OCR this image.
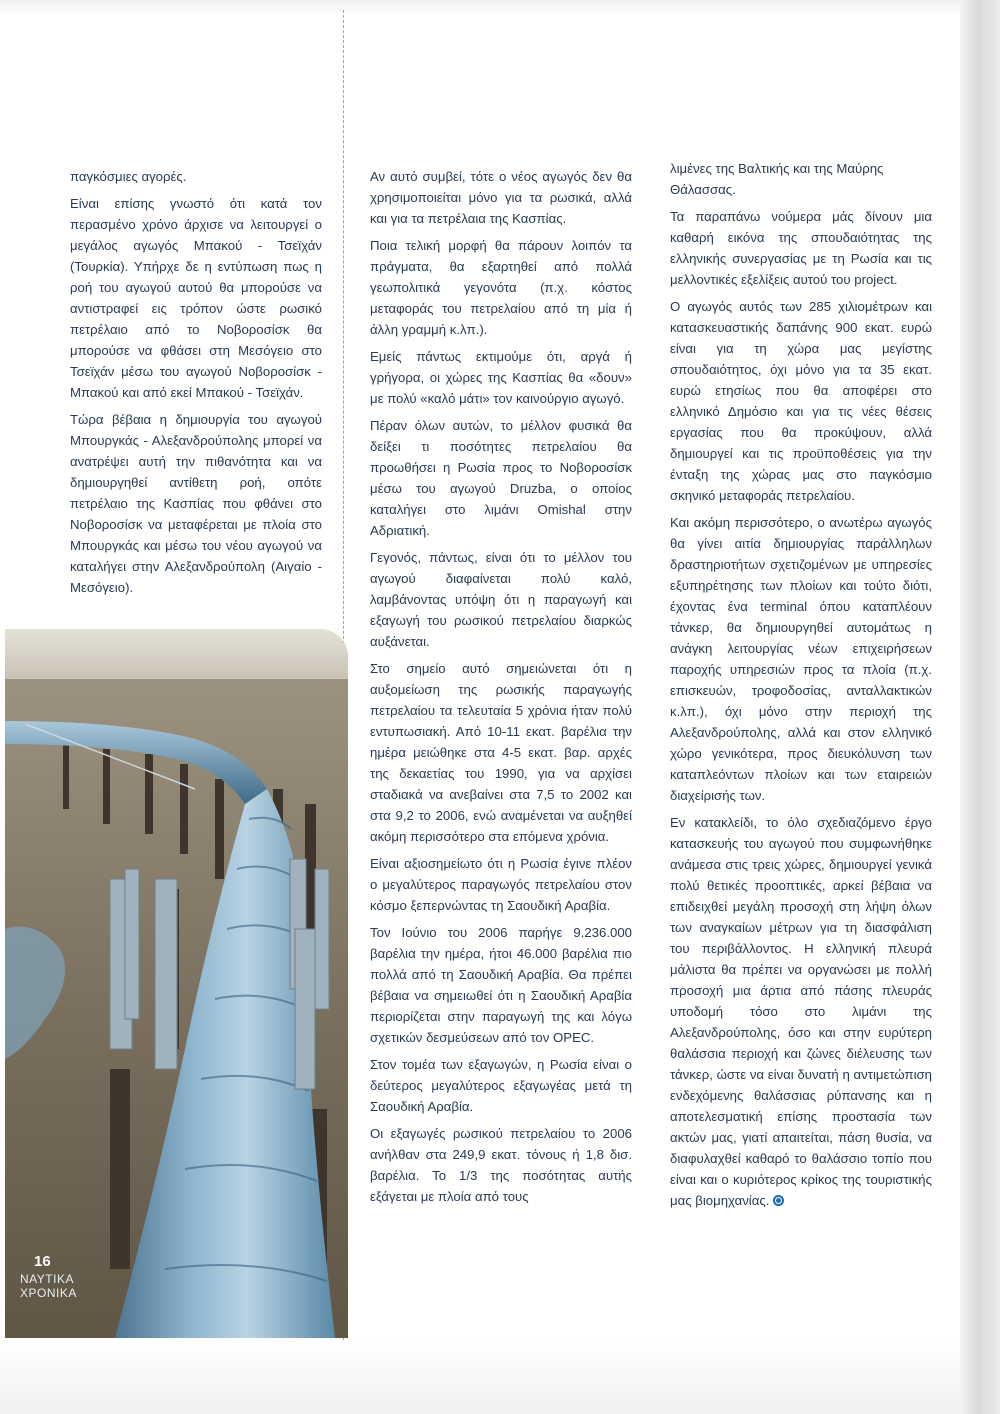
παγκόσμιες αγορές.

Είναι επίσης γνωστό ότι κατά τον περασμένο χρόνο άρχισε να λειτουργεί ο μεγάλος αγωγός Μπακού - Τσεϊχάν (Τουρκία). Υπήρχε δε η εντύπωση πως η ροή του αγωγού αυτού θα μπορούσε να αντιστραφεί εις τρόπον ώστε ρωσικό πετρέλαιο από το Νοβοροσίσκ θα μπορούσε να φθάσει στη Μεσόγειο στο Τσεϊχάν μέσω του αγωγού Νοβοροσίσκ - Μπακού και από εκεί Μπακού - Τσεϊχάν.

Τώρα βέβαια η δημιουργία του αγωγού Μπουργκάς - Αλεξανδρούπολης μπορεί να ανατρέψει αυτή την πιθανότητα και να δημιουργηθεί αντίθετη ροή, οπότε πετρέλαιο της Κασπίας που φθάνει στο Νοβοροσίσκ να μεταφέρεται με πλοία στο Μπουργκάς και μέσω του νέου αγωγού να καταλήγει στην Αλεξανδρούπολη (Αιγαίο - Μεσόγειο).

Αν αυτό συμβεί, τότε ο νέος αγωγός δεν θα χρησιμοποιείται μόνο για τα ρωσικά, αλλά και για τα πετρέλαια της Κασπίας.

Ποια τελική μορφή θα πάρουν λοιπόν τα πράγματα, θα εξαρτηθεί από πολλά γεωπολιτικά γεγονότα (π.χ. κόστος μεταφοράς του πετρελαίου από τη μία ή άλλη γραμμή κ.λπ.).

Εμείς πάντως εκτιμούμε ότι, αργά ή γρήγορα, οι χώρες της Κασπίας θα «δουν» με πολύ «καλό μάτι» τον καινούργιο αγωγό.

Πέραν όλων αυτών, το μέλλον φυσικά θα δείξει τι ποσότητες πετρελαίου θα προωθήσει η Ρωσία προς το Νοβοροσίσκ μέσω του αγωγού Druzba, ο οποίος καταλήγει στο λιμάνι Omishal στην Αδριατική.

Γεγονός, πάντως, είναι ότι το μέλλον του αγωγού διαφαίνεται πολύ καλό, λαμβάνοντας υπόψη ότι η παραγωγή και εξαγωγή του ρωσικού πετρελαίου διαρκώς αυξάνεται.

Στο σημείο αυτό σημειώνεται ότι η αυξομείωση της ρωσικής παραγωγής πετρελαίου τα τελευταία 5 χρόνια ήταν πολύ εντυπωσιακή. Από 10-11 εκατ. βαρέλια την ημέρα μειώθηκε στα 4-5 εκατ. βαρ. αρχές της δεκαετίας του 1990, για να αρχίσει σταδιακά να ανεβαίνει στα 7,5 το 2002 και στα 9,2 το 2006, ενώ αναμένεται να αυξηθεί ακόμη περισσότερο στα επόμενα χρόνια.

Είναι αξιοσημείωτο ότι η Ρωσία έγινε πλέον ο μεγαλύτερος παραγωγός πετρελαίου στον κόσμο ξεπερνώντας τη Σαουδική Αραβία.

Τον Ιούνιο του 2006 παρήγε 9.236.000 βαρέλια την ημέρα, ήτοι 46.000 βαρέλια πιο πολλά από τη Σαουδική Αραβία. Θα πρέπει βέβαια να σημειωθεί ότι η Σαουδική Αραβία περιορίζεται στην παραγωγή της και λόγω σχετικών δεσμεύσεων από τον OPEC.

Στον τομέα των εξαγωγών, η Ρωσία είναι ο δεύτερος μεγαλύτερος εξαγωγέας μετά τη Σαουδική Αραβία.

Οι εξαγωγές ρωσικού πετρελαίου το 2006 ανήλθαν στα 249,9 εκατ. τόνους ή 1,8 δισ. βαρέλια. Το 1/3 της ποσότητας αυτής εξάγεται με πλοία από τους

λιμένες της Βαλτικής και της Μαύρης Θάλασσας.

Τα παραπάνω νούμερα μάς δίνουν μια καθαρή εικόνα της σπουδαιότητας της ελληνικής συνεργασίας με τη Ρωσία και τις μελλοντικές εξελίξεις αυτού του project.

Ο αγωγός αυτός των 285 χιλιομέτρων και κατασκευαστικής δαπάνης 900 εκατ. ευρώ είναι για τη χώρα μας μεγίστης σπουδαιότητος, όχι μόνο για τα 35 εκατ. ευρώ ετησίως που θα αποφέρει στο ελληνικό Δημόσιο και για τις νέες θέσεις εργασίας που θα προκύψουν, αλλά δημιουργεί και τις προϋποθέσεις για την ένταξη της χώρας μας στο παγκόσμιο σκηνικό μεταφοράς πετρελαίου.

Και ακόμη περισσότερο, ο ανωτέρω αγωγός θα γίνει αιτία δημιουργίας παράλληλων δραστηριοτήτων σχετιζομένων με υπηρεσίες εξυπηρέτησης των πλοίων και τούτο διότι, έχοντας ένα terminal όπου καταπλέουν τάνκερ, θα δημιουργηθεί αυτομάτως η ανάγκη λειτουργίας νέων επιχειρήσεων παροχής υπηρεσιών προς τα πλοία (π.χ. επισκευών, τροφοδοσίας, ανταλλακτικών κ.λπ.), όχι μόνο στην περιοχή της Αλεξανδρούπολης, αλλά και στον ελληνικό χώρο γενικότερα, προς διευκόλυνση των καταπλεόντων πλοίων και των εταιρειών διαχείρισής των.

Εν κατακλείδι, το όλο σχεδιαζόμενο έργο κατασκευής του αγωγού που συμφωνήθηκε ανάμεσα στις τρεις χώρες, δημιουργεί γενικά πολύ θετικές προοπτικές, αρκεί βέβαια να επιδειχθεί μεγάλη προσοχή στη λήψη όλων των αναγκαίων μέτρων για τη διασφάλιση του περιβάλλοντος. Η ελληνική πλευρά μάλιστα θα πρέπει να οργανώσει με πολλή προσοχή μια άρτια από πάσης πλευράς υποδομή τόσο στο λιμάνι της Αλεξανδρούπολης, όσο και στην ευρύτερη θαλάσσια περιοχή και ζώνες διέλευσης των τάνκερ, ώστε να είναι δυνατή η αντιμετώπιση ενδεχόμενης θαλάσσιας ρύπανσης και η αποτελεσματική επίσης προστασία των ακτών μας, γιατί απαιτείται, πάση θυσία, να διαφυλαχθεί καθαρό το θαλάσσιο τοπίο που είναι και ο κυριότερος κρίκος της τουριστικής μας βιομηχανίας.

16
ΝΑΥΤΙΚΑ
ΧΡΟΝΙΚΑ
